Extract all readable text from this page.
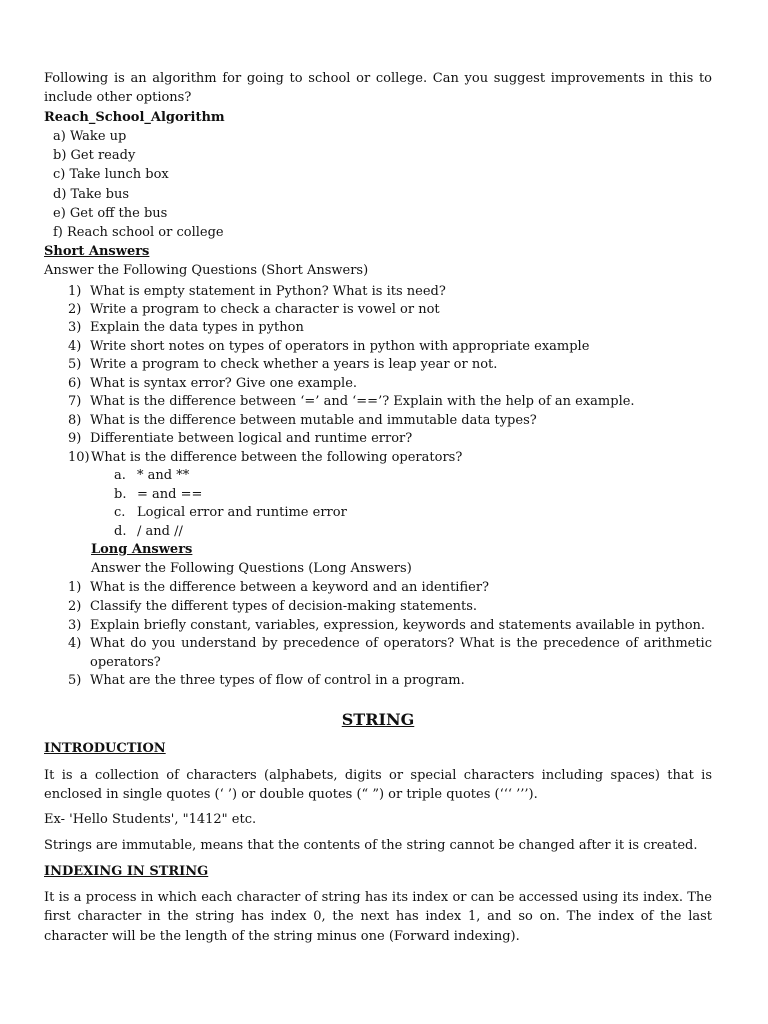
Following is an algorithm for going to school or college. Can you suggest improvements in this to
include other options?
Reach_School_Algorithm
a) Wake up
b) Get ready
c) Take lunch box
d) Take bus
e) Get off the bus
f) Reach school or college
Short Answers
Answer the Following Questions (Short Answers)
1) What is empty statement in Python? What is its need?
2) Write a program to check a character is vowel or not
3) Explain the data types in python
4) Write short notes on types of operators in python with appropriate example
5) Write a program to check whether a years is leap year or not.
6) What is syntax error? Give one example.
7) What is the difference between ‘=’ and ‘==’? Explain with the help of an example.
8) What is the difference between mutable and immutable data types?
9) Differentiate between logical and runtime error?
10) What is the difference between the following operators?
a. * and **
b. = and ==
c. Logical error and runtime error
d. / and //
Long Answers
Answer the Following Questions (Long Answers)
1) What is the difference between a keyword and an identifier?
2) Classify the different types of decision-making statements.
3) Explain briefly constant, variables, expression, keywords and statements available in python.
4) What do you understand by precedence of operators? What is the precedence of arithmetic
operators?
5) What are the three types of flow of control in a program.
STRING
INTRODUCTION
It is a collection of characters (alphabets, digits or special characters including spaces) that is
enclosed in single quotes (‘ ’) or double quotes (“ ”) or triple quotes (‘‘‘ ’’’).
Ex- 'Hello Students', "1412" etc.
Strings are immutable, means that the contents of the string cannot be changed after it is created.
INDEXING IN STRING
It is a process in which each character of string has its index or can be accessed using its index. The
first character in the string has index 0, the next has index 1, and so on. The index of the last
character will be the length of the string minus one (Forward indexing).
